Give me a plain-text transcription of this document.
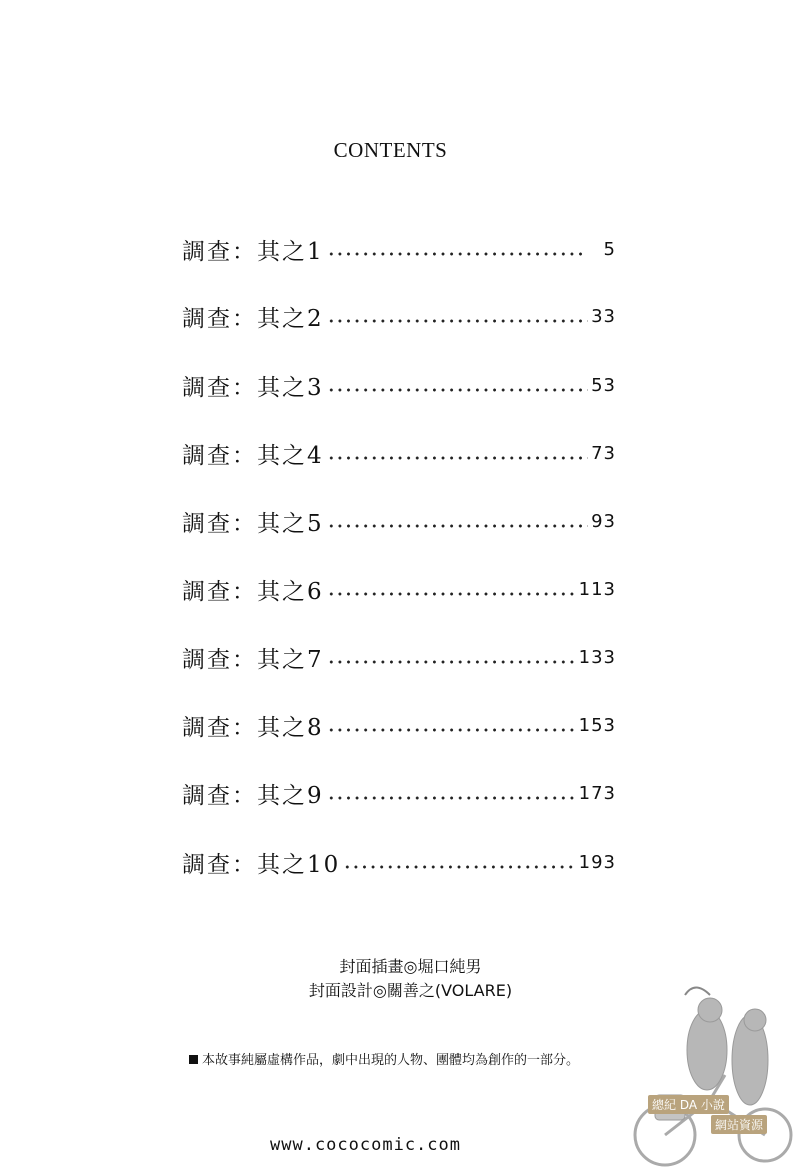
CONTENTS
調查：其之1	5
調查：其之2	33
調查：其之3	53
調查：其之4	73
調查：其之5	93
調查：其之6	113
調查：其之7	133
調查：其之8	153
調查：其之9	173
調查：其之10	193
封面插畫◎堀口純男
封面設計◎關善之(VOLARE)
本故事純屬虛構作品，劇中出現的人物、團體均為創作的一部分。
總紀 DA 小說
網站資源
www.cococomic.com
